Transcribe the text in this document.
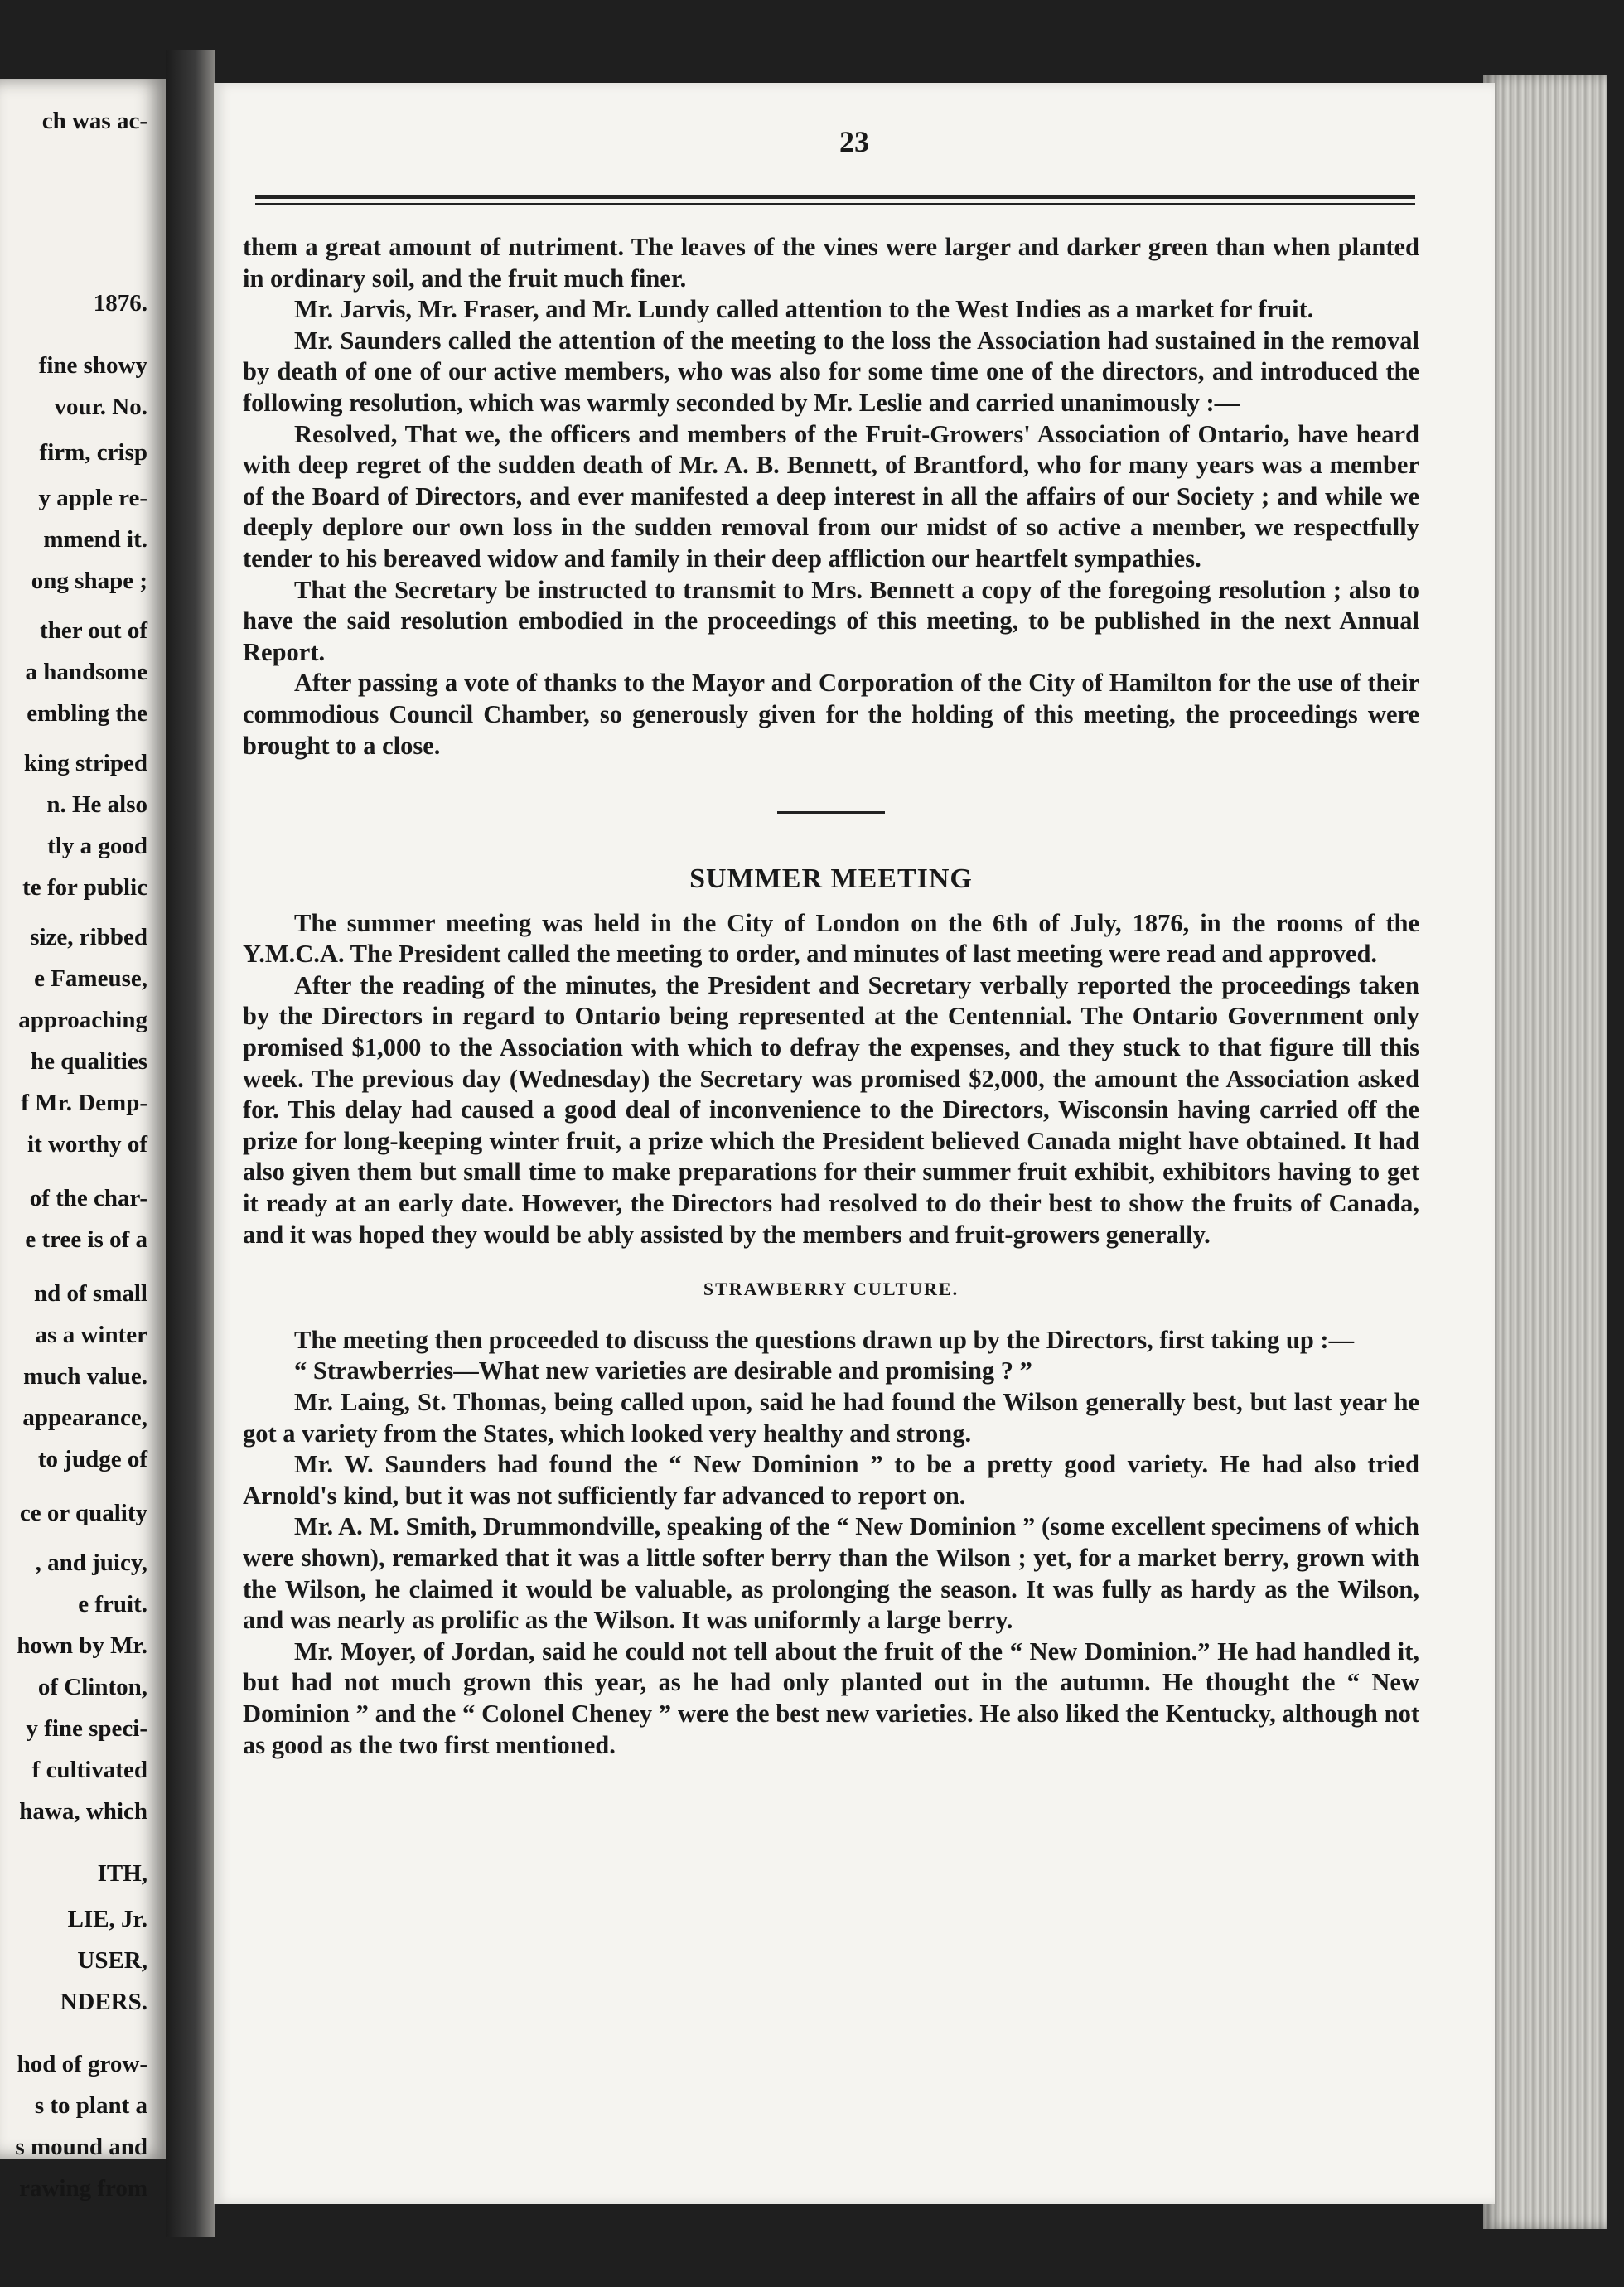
ch was ac-
1876.
fine showy
vour. No.
firm, crisp
y apple re-
mmend it.
ong shape ;
ther out of
a handsome
embling the
king striped
n. He also
tly a good
te for public
size, ribbed
e Fameuse,
approaching
he qualities
f Mr. Demp-
it worthy of
of the char-
e tree is of a
nd of small
as a winter
much value.
appearance,
to judge of
ce or quality
, and juicy,
e fruit.
hown by Mr.
of Clinton,
y fine speci-
f cultivated
hawa, which
ITH,
LIE, Jr.
USER,
NDERS.
hod of grow-
s to plant a
s mound and
rawing from
23

them a great amount of nutriment. The leaves of the vines were larger and darker green than when planted in ordinary soil, and the fruit much finer.

Mr. Jarvis, Mr. Fraser, and Mr. Lundy called attention to the West Indies as a market for fruit.

Mr. Saunders called the attention of the meeting to the loss the Association had sustained in the removal by death of one of our active members, who was also for some time one of the directors, and introduced the following resolution, which was warmly seconded by Mr. Leslie and carried unanimously :—

Resolved, That we, the officers and members of the Fruit-Growers' Association of Ontario, have heard with deep regret of the sudden death of Mr. A. B. Bennett, of Brantford, who for many years was a member of the Board of Directors, and ever manifested a deep interest in all the affairs of our Society ; and while we deeply deplore our own loss in the sudden removal from our midst of so active a member, we respectfully tender to his bereaved widow and family in their deep affliction our heartfelt sympathies.

That the Secretary be instructed to transmit to Mrs. Bennett a copy of the foregoing resolution ; also to have the said resolution embodied in the proceedings of this meeting, to be published in the next Annual Report.

After passing a vote of thanks to the Mayor and Corporation of the City of Hamilton for the use of their commodious Council Chamber, so generously given for the holding of this meeting, the proceedings were brought to a close.

SUMMER MEETING

The summer meeting was held in the City of London on the 6th of July, 1876, in the rooms of the Y.M.C.A. The President called the meeting to order, and minutes of last meeting were read and approved.

After the reading of the minutes, the President and Secretary verbally reported the proceedings taken by the Directors in regard to Ontario being represented at the Centennial. The Ontario Government only promised $1,000 to the Association with which to defray the expenses, and they stuck to that figure till this week. The previous day (Wednesday) the Secretary was promised $2,000, the amount the Association asked for. This delay had caused a good deal of inconvenience to the Directors, Wisconsin having carried off the prize for long-keeping winter fruit, a prize which the President believed Canada might have obtained. It had also given them but small time to make preparations for their summer fruit exhibit, exhibitors having to get it ready at an early date. However, the Directors had resolved to do their best to show the fruits of Canada, and it was hoped they would be ably assisted by the members and fruit-growers generally.

STRAWBERRY CULTURE.

The meeting then proceeded to discuss the questions drawn up by the Directors, first taking up :—

“ Strawberries—What new varieties are desirable and promising ? ”

Mr. Laing, St. Thomas, being called upon, said he had found the Wilson generally best, but last year he got a variety from the States, which looked very healthy and strong.

Mr. W. Saunders had found the “ New Dominion ” to be a pretty good variety. He had also tried Arnold's kind, but it was not sufficiently far advanced to report on.

Mr. A. M. Smith, Drummondville, speaking of the “ New Dominion ” (some excellent specimens of which were shown), remarked that it was a little softer berry than the Wilson ; yet, for a market berry, grown with the Wilson, he claimed it would be valuable, as prolonging the season. It was fully as hardy as the Wilson, and was nearly as prolific as the Wilson. It was uniformly a large berry.

Mr. Moyer, of Jordan, said he could not tell about the fruit of the “ New Dominion.” He had handled it, but had not much grown this year, as he had only planted out in the autumn. He thought the “ New Dominion ” and the “ Colonel Cheney ” were the best new varieties. He also liked the Kentucky, although not as good as the two first mentioned.
